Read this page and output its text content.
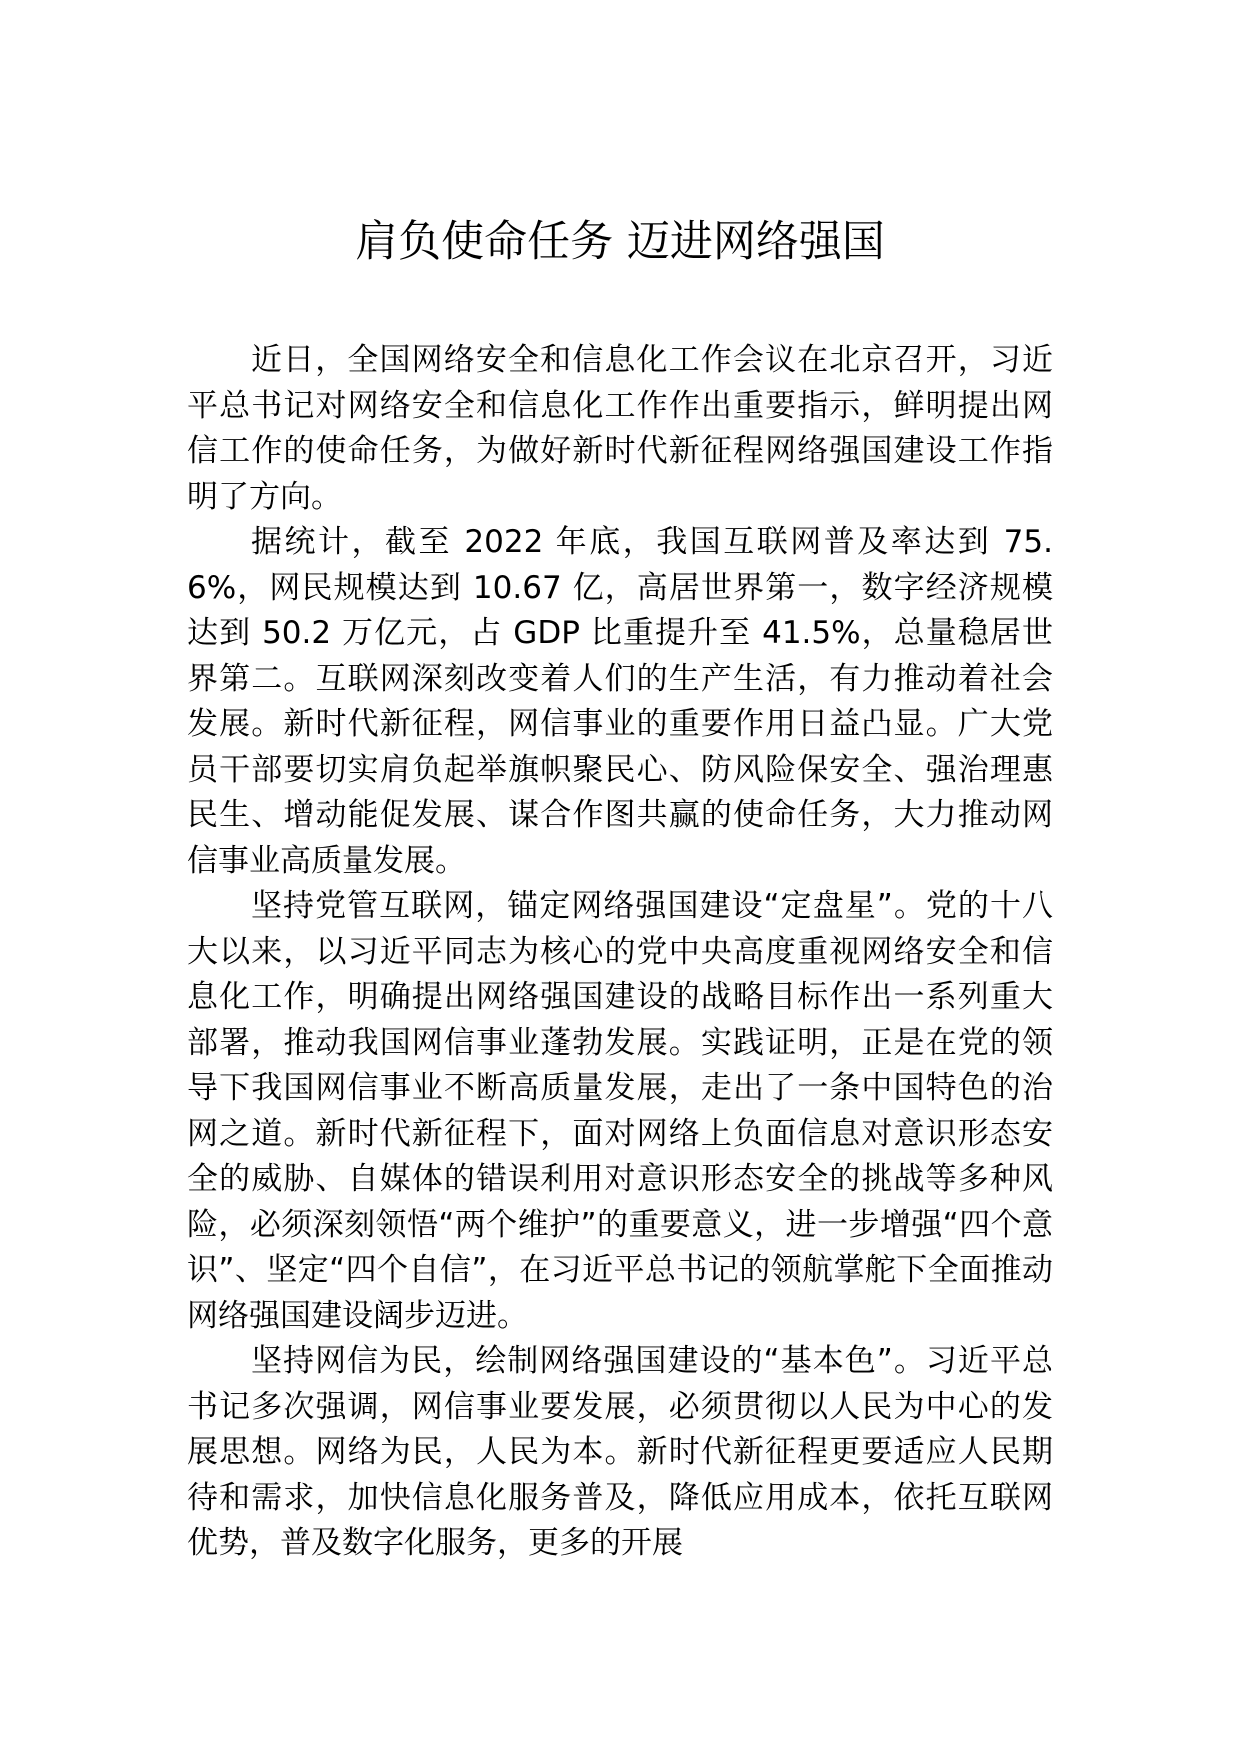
肩负使命任务 迈进网络强国

近日，全国网络安全和信息化工作会议在北京召开，习近平总书记对网络安全和信息化工作作出重要指示，鲜明提出网信工作的使命任务，为做好新时代新征程网络强国建设工作指明了方向。

据统计，截至 2022 年底，我国互联网普及率达到 75.6%，网民规模达到 10.67 亿，高居世界第一，数字经济规模达到 50.2 万亿元，占 GDP 比重提升至 41.5%，总量稳居世界第二。互联网深刻改变着人们的生产生活，有力推动着社会发展。新时代新征程，网信事业的重要作用日益凸显。广大党员干部要切实肩负起举旗帜聚民心、防风险保安全、强治理惠民生、增动能促发展、谋合作图共赢的使命任务，大力推动网信事业高质量发展。

坚持党管互联网，锚定网络强国建设“定盘星”。党的十八大以来，以习近平同志为核心的党中央高度重视网络安全和信息化工作，明确提出网络强国建设的战略目标作出一系列重大部署，推动我国网信事业蓬勃发展。实践证明，正是在党的领导下我国网信事业不断高质量发展，走出了一条中国特色的治网之道。新时代新征程下，面对网络上负面信息对意识形态安全的威胁、自媒体的错误利用对意识形态安全的挑战等多种风险，必须深刻领悟“两个维护”的重要意义，进一步增强“四个意识”、坚定“四个自信”，在习近平总书记的领航掌舵下全面推动网络强国建设阔步迈进。

坚持网信为民，绘制网络强国建设的“基本色”。习近平总书记多次强调，网信事业要发展，必须贯彻以人民为中心的发展思想。网络为民，人民为本。新时代新征程更要适应人民期待和需求，加快信息化服务普及，降低应用成本，依托互联网优势，普及数字化服务，更多的开展
